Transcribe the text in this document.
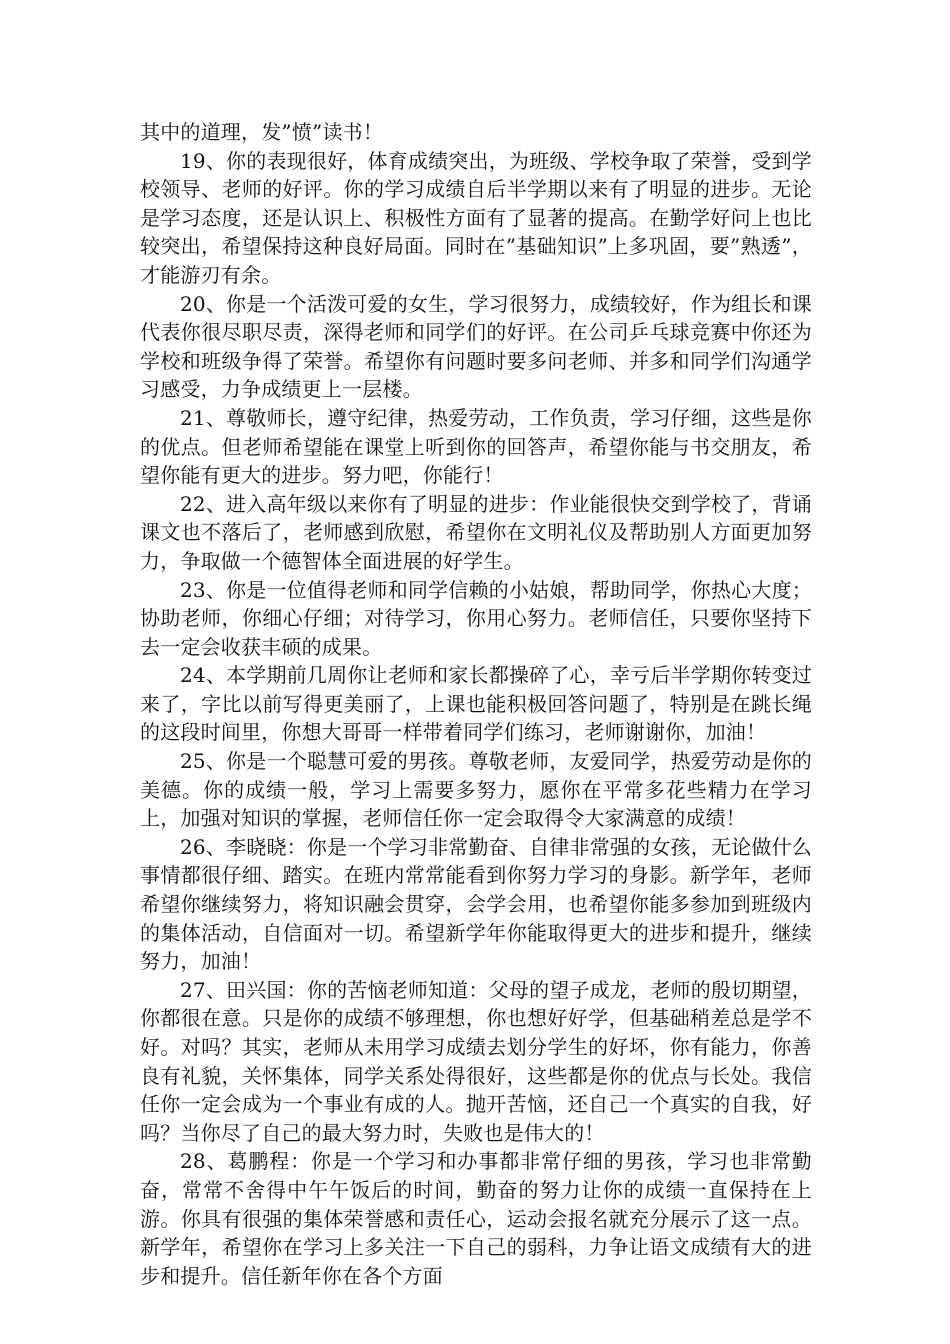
其中的道理，发”愤”读书！

19、你的表现很好，体育成绩突出，为班级、学校争取了荣誉，受到学校领导、老师的好评。你的学习成绩自后半学期以来有了明显的进步。无论是学习态度，还是认识上、积极性方面有了显著的提高。在勤学好问上也比较突出，希望保持这种良好局面。同时在”基础知识”上多巩固，要”熟透”，才能游刃有余。

20、你是一个活泼可爱的女生，学习很努力，成绩较好，作为组长和课代表你很尽职尽责，深得老师和同学们的好评。在公司乒乓球竞赛中你还为学校和班级争得了荣誉。希望你有问题时要多问老师、并多和同学们沟通学习感受，力争成绩更上一层楼。

21、尊敬师长，遵守纪律，热爱劳动，工作负责，学习仔细，这些是你的优点。但老师希望能在课堂上听到你的回答声，希望你能与书交朋友，希望你能有更大的进步。努力吧，你能行！

22、进入高年级以来你有了明显的进步：作业能很快交到学校了，背诵课文也不落后了，老师感到欣慰，希望你在文明礼仪及帮助别人方面更加努力，争取做一个德智体全面进展的好学生。

23、你是一位值得老师和同学信赖的小姑娘，帮助同学，你热心大度；协助老师，你细心仔细；对待学习，你用心努力。老师信任，只要你坚持下去一定会收获丰硕的成果。

24、本学期前几周你让老师和家长都操碎了心，幸亏后半学期你转变过来了，字比以前写得更美丽了，上课也能积极回答问题了，特别是在跳长绳的这段时间里，你想大哥哥一样带着同学们练习，老师谢谢你，加油！

25、你是一个聪慧可爱的男孩。尊敬老师，友爱同学，热爱劳动是你的美德。你的成绩一般，学习上需要多努力，愿你在平常多花些精力在学习上，加强对知识的掌握，老师信任你一定会取得令大家满意的成绩！

26、李晓晓：你是一个学习非常勤奋、自律非常强的女孩，无论做什么事情都很仔细、踏实。在班内常常能看到你努力学习的身影。新学年，老师希望你继续努力，将知识融会贯穿，会学会用，也希望你能多参加到班级内的集体活动，自信面对一切。希望新学年你能取得更大的进步和提升，继续努力，加油！

27、田兴国：你的苦恼老师知道：父母的望子成龙，老师的殷切期望，你都很在意。只是你的成绩不够理想，你也想好好学，但基础稍差总是学不好。对吗？其实，老师从未用学习成绩去划分学生的好坏，你有能力，你善良有礼貌，关怀集体，同学关系处得很好，这些都是你的优点与长处。我信任你一定会成为一个事业有成的人。抛开苦恼，还自己一个真实的自我，好吗？当你尽了自己的最大努力时，失败也是伟大的！

28、葛鹏程：你是一个学习和办事都非常仔细的男孩，学习也非常勤奋，常常不舍得中午午饭后的时间，勤奋的努力让你的成绩一直保持在上游。你具有很强的集体荣誉感和责任心，运动会报名就充分展示了这一点。新学年，希望你在学习上多关注一下自己的弱科，力争让语文成绩有大的进步和提升。信任新年你在各个方面
